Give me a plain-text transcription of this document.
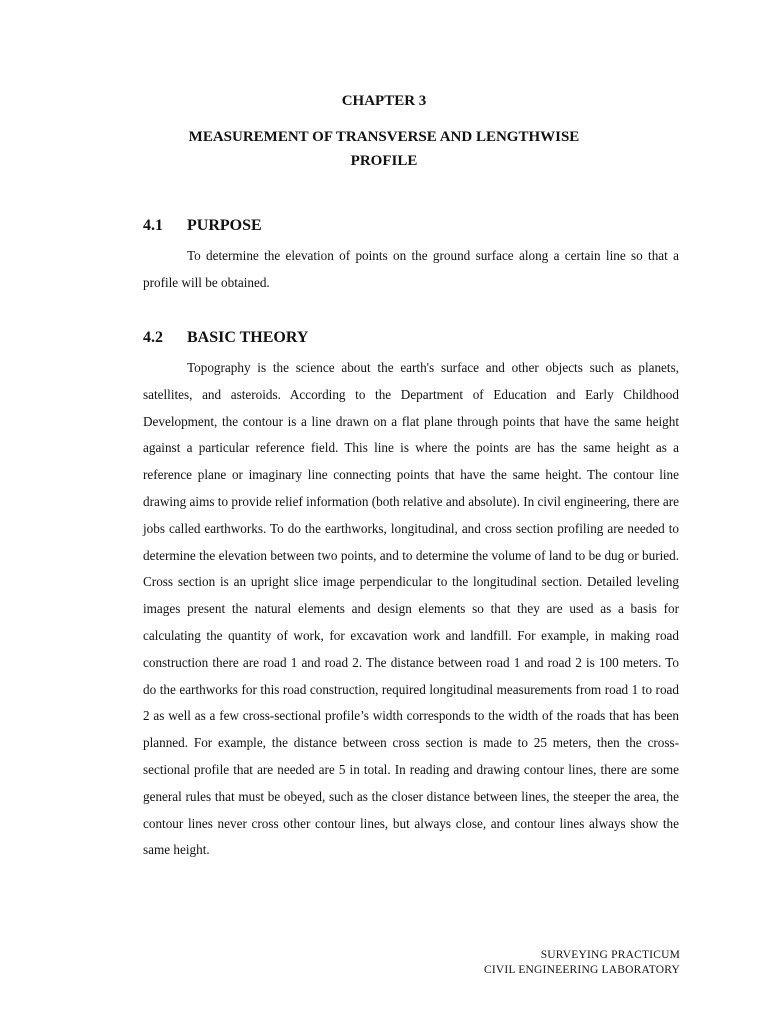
CHAPTER 3
MEASUREMENT OF TRANSVERSE AND LENGTHWISE PROFILE
4.1 PURPOSE

To determine the elevation of points on the ground surface along a certain line so that a profile will be obtained.

4.2 BASIC THEORY

Topography is the science about the earth's surface and other objects such as planets, satellites, and asteroids. According to the Department of Education and Early Childhood Development, the contour is a line drawn on a flat plane through points that have the same height against a particular reference field. This line is where the points are has the same height as a reference plane or imaginary line connecting points that have the same height. The contour line drawing aims to provide relief information (both relative and absolute). In civil engineering, there are jobs called earthworks. To do the earthworks, longitudinal, and cross section profiling are needed to determine the elevation between two points, and to determine the volume of land to be dug or buried. Cross section is an upright slice image perpendicular to the longitudinal section. Detailed leveling images present the natural elements and design elements so that they are used as a basis for calculating the quantity of work, for excavation work and landfill. For example, in making road construction there are road 1 and road 2. The distance between road 1 and road 2 is 100 meters. To do the earthworks for this road construction, required longitudinal measurements from road 1 to road 2 as well as a few cross-sectional profile’s width corresponds to the width of the roads that has been planned. For example, the distance between cross section is made to 25 meters, then the cross-sectional profile that are needed are 5 in total. In reading and drawing contour lines, there are some general rules that must be obeyed, such as the closer distance between lines, the steeper the area, the contour lines never cross other contour lines, but always close, and contour lines always show the same height.

SURVEYING PRACTICUM
CIVIL ENGINEERING LABORATORY
